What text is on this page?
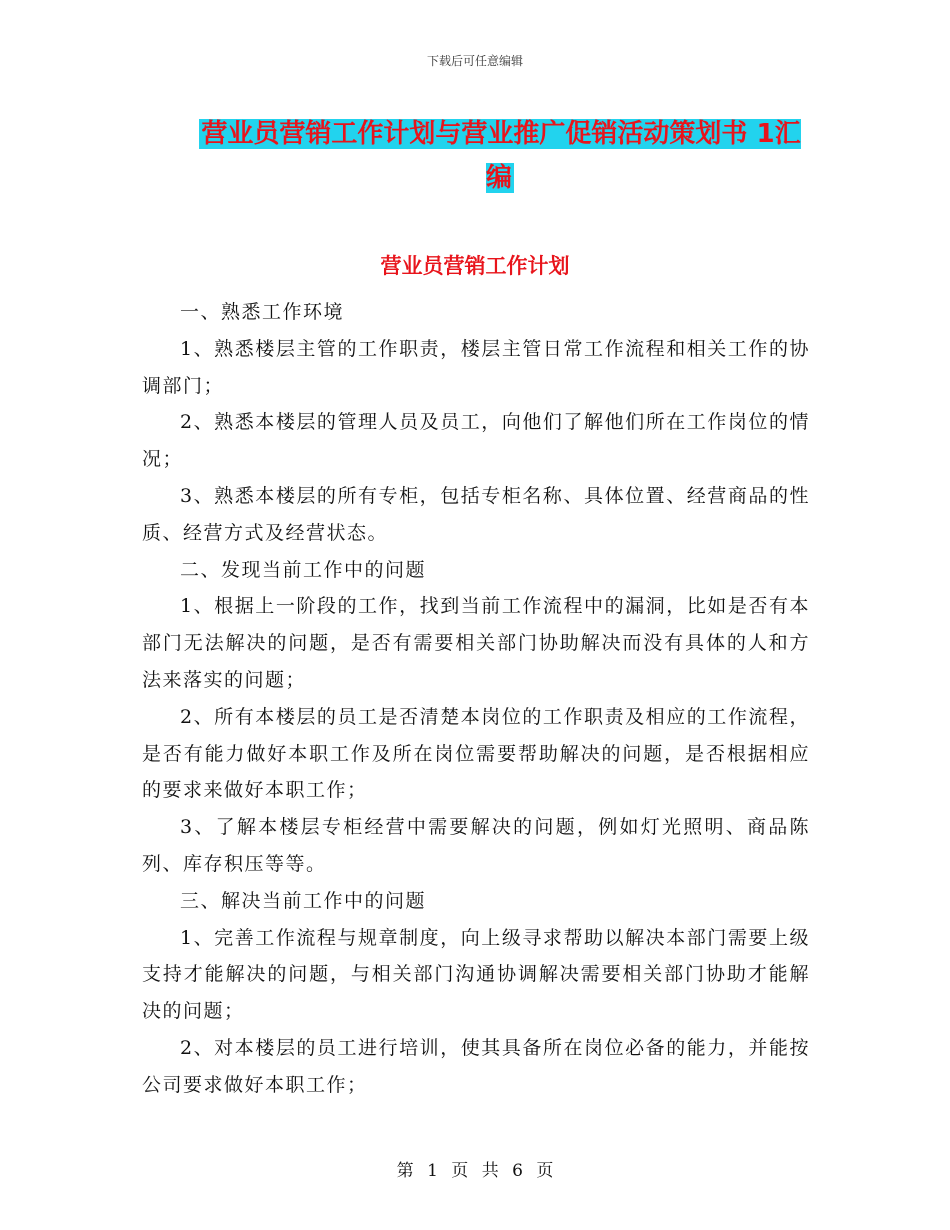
下载后可任意编辑
营业员营销工作计划与营业推广促销活动策划书 1汇编
营业员营销工作计划

一、熟悉工作环境

1、熟悉楼层主管的工作职责，楼层主管日常工作流程和相关工作的协调部门；

2、熟悉本楼层的管理人员及员工，向他们了解他们所在工作岗位的情况；

3、熟悉本楼层的所有专柜，包括专柜名称、具体位置、经营商品的性质、经营方式及经营状态。

二、发现当前工作中的问题

1、根据上一阶段的工作，找到当前工作流程中的漏洞，比如是否有本部门无法解决的问题，是否有需要相关部门协助解决而没有具体的人和方法来落实的问题；

2、所有本楼层的员工是否清楚本岗位的工作职责及相应的工作流程，是否有能力做好本职工作及所在岗位需要帮助解决的问题，是否根据相应的要求来做好本职工作；

3、了解本楼层专柜经营中需要解决的问题，例如灯光照明、商品陈列、库存积压等等。

三、解决当前工作中的问题

1、完善工作流程与规章制度，向上级寻求帮助以解决本部门需要上级支持才能解决的问题，与相关部门沟通协调解决需要相关部门协助才能解决的问题；

2、对本楼层的员工进行培训，使其具备所在岗位必备的能力，并能按公司要求做好本职工作；

第 1 页 共 6 页
